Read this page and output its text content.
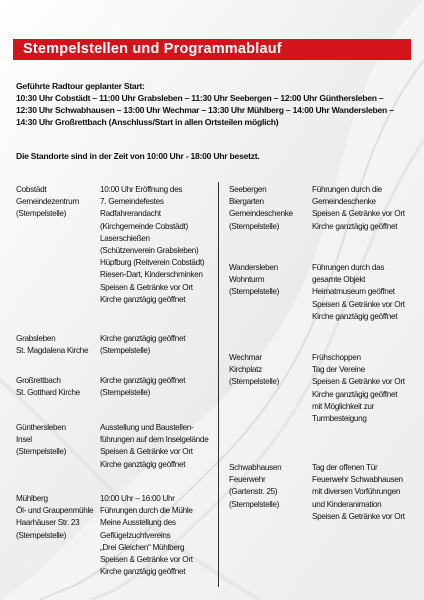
Stempelstellen und Programmablauf

Geführte Radtour geplanter Start:

10:30 Uhr Cobstädt – 11:00 Uhr Grabsleben – 11:30 Uhr Seebergen – 12:00 Uhr Günthersleben –

12:30 Uhr Schwabhausen – 13:00 Uhr Wechmar – 13:30 Uhr Mühlberg – 14:00 Uhr Wandersleben –

14:30 Uhr Großrettbach (Anschluss/Start in allen Ortsteilen möglich)

Die Standorte sind in der Zeit von 10:00 Uhr - 18:00 Uhr besetzt.
Cobstädt
Gemeindezentrum
(Stempelstelle)
10:00 Uhr Eröffnung des
7. Gemeindefestes
Radfahrerandacht
(Kirchgemeinde Cobstädt)
Laserschießen
(Schützenverein Grabsleben)
Hüpfburg (Reitverein Cobstädt)
Riesen-Dart, Kinderschminken
Speisen & Getränke vor Ort
Kirche ganztägig geöffnet
Grabsleben
St. Magdalena Kirche
Kirche ganztägig geöffnet
(Stempelstelle)
Großrettbach
St. Gotthard Kirche
Kirche ganztägig geöffnet
(Stempelstelle)
Günthersleben
Insel
(Stempelstelle)
Ausstellung und Baustellen-
führungen auf dem Inselgelände
Speisen & Getränke vor Ort
Kirche ganztägig geöffnet
Mühlberg
Öl- und Graupenmühle
Haarhäuser Str. 23
(Stempelstelle)
10:00 Uhr – 16:00 Uhr
Führungen durch die Mühle
Meine Ausstellung des
Geflügelzuchtvereins
„Drei Gleichen“ Mühlberg
Speisen & Getränke vor Ort
Kirche ganztägig geöffnet
Seebergen
Biergarten
Gemeindeschenke
(Stempelstelle)
Führungen durch die
Gemeindeschenke
Speisen & Getränke vor Ort
Kirche ganztägig geöffnet
Wandersleben
Wohnturm
(Stempelstelle)
Führungen durch das
gesamte Objekt
Heimatmuseum geöffnet
Speisen & Getränke vor Ort
Kirche ganztägig geöffnet
Wechmar
Kirchplatz
(Stempelstelle)
Frühschoppen
Tag der Vereine
Speisen & Getränke vor Ort
Kirche ganztägig geöffnet
mit Möglichkeit zur
Turmbesteigung
Schwabhausen
Feuerwehr
(Gartenstr. 25)
(Stempelstelle)
Tag der offenen Tür
Feuerwehr Schwabhausen
mit diversen Vorführungen
und Kinderanimation
Speisen & Getränke vor Ort
